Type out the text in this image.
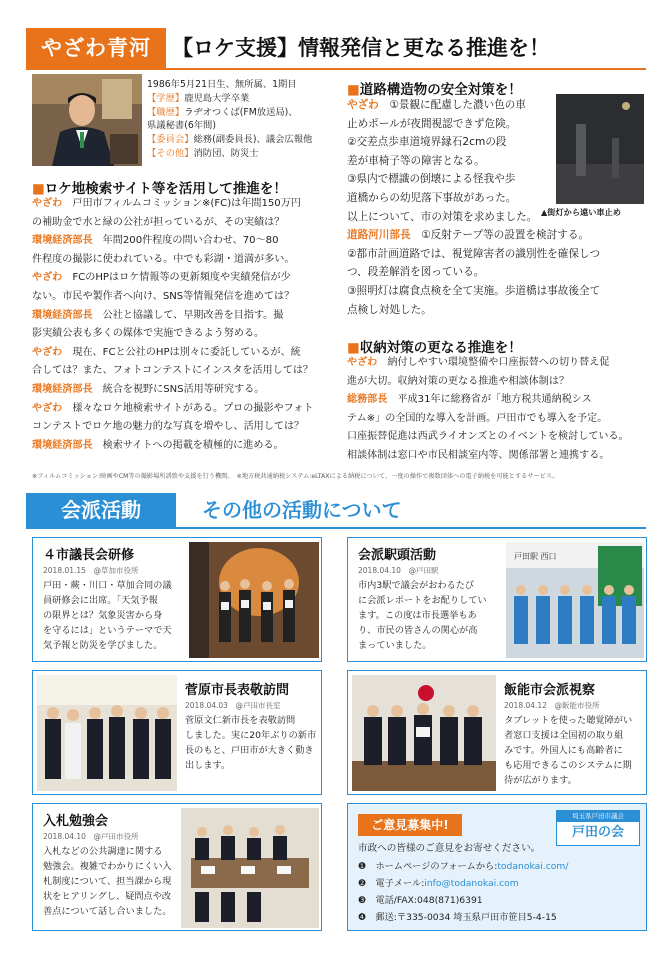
やざわ青河	【ロケ支援】情報発信と更なる推進を！
1986年5月21日生、無所属、1期目
【学歴】鹿児島大学卒業
【職歴】ラヂオつくば(FM放送局)、
県議秘書(6年間)
【委員会】総務(副委員長)、議会広報他
【その他】消防団、防災士
■道路構造物の安全対策を！

やざわ　 ①景観に配慮した濃い色の車

止めポールが夜間視認できず危険。

②交差点歩車道境界縁石2cmの段

差が車椅子等の障害となる。

③県内で標識の倒壊による怪我や歩

道橋からの幼児落下事故があった。

以上について、市の対策を求めました。

道路河川部長　 ①反射テープ等の設置を検討する。

②都市計画道路では、視覚障害者の識別性を確保しつ

つ、段差解消を図っている。

③照明灯は腐食点検を全て実施。歩道橋は事故後全て

点検し対処した。

▲街灯から遠い車止め
■ロケ地検索サイト等を活用して推進を！

やざわ　 戸田市フィルムコミッション※(FC)は年間150万円

の補助金で水と緑の公社が担っているが、その実績は？

環境経済部長　 年間200件程度の問い合わせ、70～80

件程度の撮影に使われている。中でも彩湖・道満が多い。

やざわ　 FCのHPはロケ情報等の更新頻度や実績発信が少

ない。市民や製作者へ向け、SNS等情報発信を進めては？

環境経済部長　 公社と協議して、早期改善を目指す。撮

影実績公表も多くの媒体で実施できるよう努める。

やざわ　 現在、FCと公社のHPは別々に委託しているが、統

合しては？また、フォトコンテストにインスタを活用しては？

環境経済部長　 統合を視野にSNS活用等研究する。

やざわ　 様々なロケ地検索サイトがある。プロの撮影やフォト

コンテストでロケ地の魅力的な写真を増やし、活用しては？

環境経済部長　 検索サイトへの掲載を積極的に進める。

■収納対策の更なる推進を！

やざわ　 納付しやすい環境整備や口座振替への切り替え促

進が大切。収納対策の更なる推進や相談体制は？

総務部長　 平成31年に総務省が「地方税共通納税シス

テム※」の全国的な導入を計画。戸田市でも導入を予定。

口座振替促進は西武ライオンズとのイベントを検討している。

相談体制は窓口や市民相談室内等、関係部署と連携する。

※フィルムコミッション:映画やCM等の撮影場所誘致や支援を行う機関。　※地方税共通納税システム:eLTAXによる納税について、一度の操作で複数団体への電子納税を可能とするサービス。
会派活動	その他の活動について
４市議長会研修
2018.01.15　 @草加市役所
戸田・蕨・川口・草加合同の議
員研修会に出席。「天気予報
の限界とは？気象災害から身
を守るには」というテーマで天
気予報と防災を学びました。
会派駅頭活動
2018.04.10　 @戸田駅
市内3駅で議会がおわるたび
に会派レポートをお配りしてい
ます。この度は市長選挙もあ
り、市民の皆さんの関心が高
まっていました。
戸田駅 西口
菅原市長表敬訪問
2018.04.03　 @戸田市長室
菅原文仁新市長を表敬訪問
しました。実に20年ぶりの新市
長のもと、戸田市が大きく動き
出します。
飯能市会派視察
2018.04.12　 @飯能市役所
タブレットを使った聴覚障がい
者窓口支援は全国初の取り組
みです。外国人にも高齢者に
も応用できるこのシステムに期
待が広がります。
入札勉強会
2018.04.10　 @戸田市役所
入札などの公共調達に関する
勉強会。複雑でわかりにくい入
札制度について、担当課から現
状をヒアリングし、疑問点や改
善点について話し合いました。
ご意見募集中!
埼玉県戸田市議会
戸田の会
市政への皆様のご意見をお寄せください。
❶　 ホームページのフォームから:todanokai.com/
❷　 電子メール:info@todanokai.com
❸　 電話/FAX:048(871)6391
❹　 郵送:〒335-0034 埼玉県戸田市笹目5-4-15
